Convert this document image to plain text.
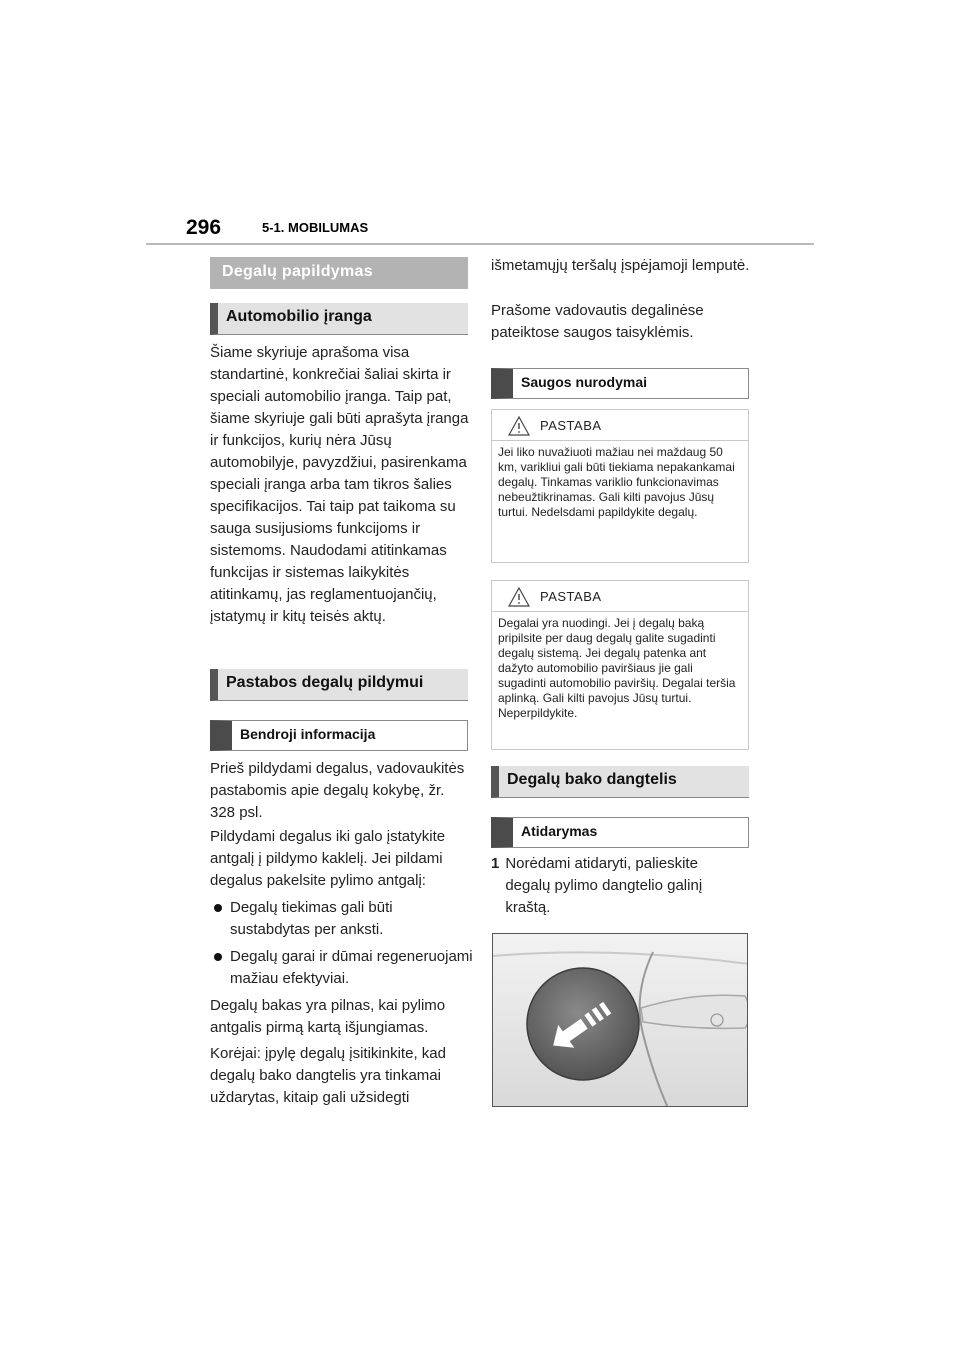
296	5-1. MOBILUMAS
Degalų papildymas
Automobilio įranga

Šiame skyriuje aprašoma visa standartinė, konkrečiai šaliai skirta ir speciali automobilio įranga. Taip pat, šiame skyriuje gali būti aprašyta įranga ir funkcijos, kurių nėra Jūsų automobilyje, pavyzdžiui, pasirenkama speciali įranga arba tam tikros šalies specifikacijos. Tai taip pat taikoma su sauga susijusioms funkcijoms ir sistemoms. Naudodami atitinkamas funkcijas ir sistemas laikykitės atitinkamų, jas reglamentuojančių, įstatymų ir kitų teisės aktų.

Pastabos degalų pildymui
Bendroji informacija

Prieš pildydami degalus, vadovaukitės pastabomis apie degalų kokybę, žr. 328 psl.

Pildydami degalus iki galo įstatykite antgalį į pildymo kaklelį. Jei pildami degalus pakelsite pylimo antgalį:

Degalų tiekimas gali būti sustabdytas per anksti.
Degalų garai ir dūmai regeneruojami mažiau efektyviai.

Degalų bakas yra pilnas, kai pylimo antgalis pirmą kartą išjungiamas.

Korėjai: įpylę degalų įsitikinkite, kad degalų bako dangtelis yra tinkamai uždarytas, kitaip gali užsidegti

išmetamųjų teršalų įspėjamoji lemputė.

Prašome vadovautis degalinėse pateiktose saugos taisyklėmis.

Saugos nurodymai
PASTABA
Jei liko nuvažiuoti mažiau nei maždaug 50 km, varikliui gali būti tiekiama nepakankamai degalų. Tinkamas variklio funkcionavimas nebeužtikrinamas. Gali kilti pavojus Jūsų turtui. Nedelsdami papildykite degalų.
PASTABA
Degalai yra nuodingi. Jei į degalų baką pripilsite per daug degalų galite sugadinti degalų sistemą. Jei degalų patenka ant dažyto automobilio paviršiaus jie gali sugadinti automobilio paviršių. Degalai teršia aplinką. Gali kilti pavojus Jūsų turtui. Neperpildykite.
Degalų bako dangtelis
Atidarymas

1 Norėdami atidaryti, palieskite degalų pylimo dangtelio galinį kraštą.
